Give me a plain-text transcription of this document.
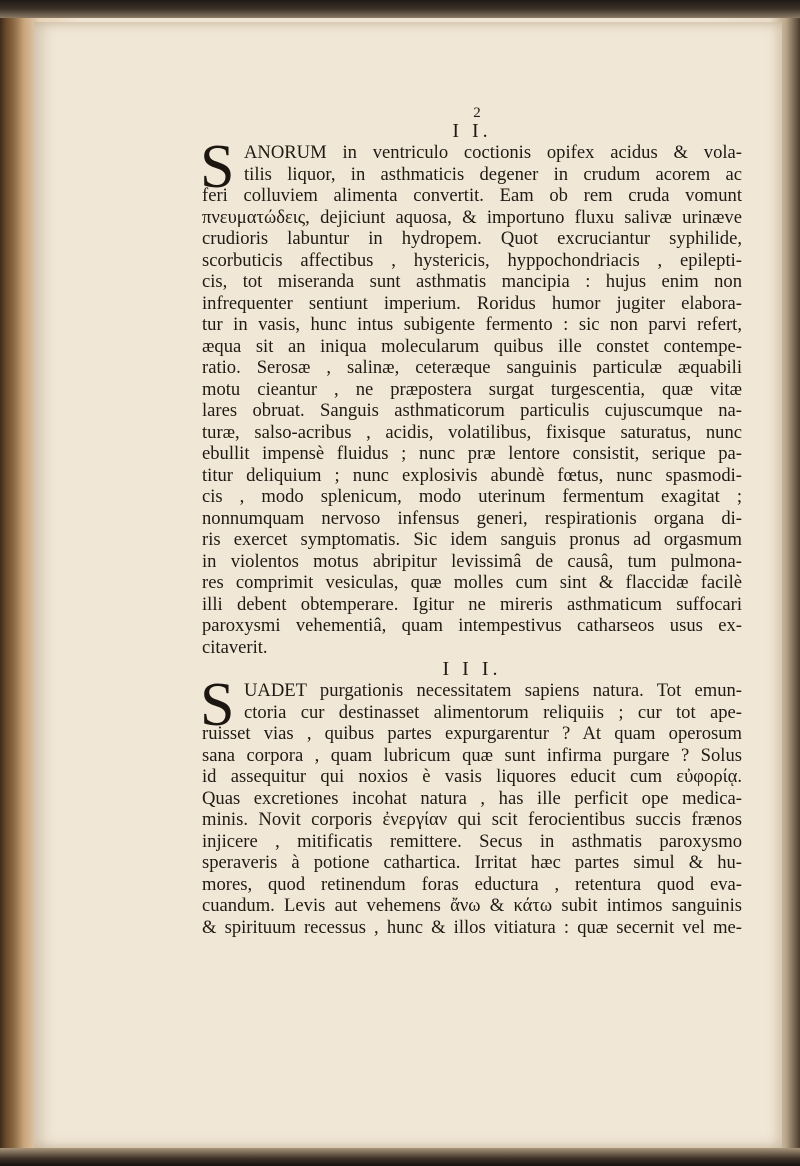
2
I I.
S ANORUM in ventriculo coctionis opifex acidus & vola-
tilis liquor, in asthmaticis degener in crudum acorem ac
feri colluviem alimenta convertit. Eam ob rem cruda vomunt
πνευματώδεις, dejiciunt aquosa, & importuno fluxu salivæ urinæve
crudioris labuntur in hydropem. Quot excruciantur syphilide,
scorbuticis affectibus , hystericis, hyppochondriacis , epilepti-
cis, tot miseranda sunt asthmatis mancipia : hujus enim non
infrequenter sentiunt imperium. Roridus humor jugiter elabora-
tur in vasis, hunc intus subigente fermento : sic non parvi refert,
æqua sit an iniqua molecularum quibus ille constet contempe-
ratio. Serosæ , salinæ, ceteræque sanguinis particulæ æquabili
motu cieantur , ne præpostera surgat turgescentia, quæ vitæ
lares obruat. Sanguis asthmaticorum particulis cujuscumque na-
turæ, salso-acribus , acidis, volatilibus, fixisque saturatus, nunc
ebullit impensè fluidus ; nunc præ lentore consistit, serique pa-
titur deliquium ; nunc explosivis abundè fœtus, nunc spasmodi-
cis , modo splenicum, modo uterinum fermentum exagitat ;
nonnumquam nervoso infensus generi, respirationis organa di-
ris exercet symptomatis. Sic idem sanguis pronus ad orgasmum
in violentos motus abripitur levissimâ de causâ, tum pulmona-
res comprimit vesiculas, quæ molles cum sint & flaccidæ facilè
illi debent obtemperare. Igitur ne mireris asthmaticum suffocari
paroxysmi vehementiâ, quam intempestivus catharseos usus ex-
citaverit.
I I I.
S UADET purgationis necessitatem sapiens natura. Tot emun-
ctoria cur destinasset alimentorum reliquiis ; cur tot ape-
ruisset vias , quibus partes expurgarentur ? At quam operosum
sana corpora , quam lubricum quæ sunt infirma purgare ? Solus
id assequitur qui noxios è vasis liquores educit cum εὐφορίᾳ.
Quas excretiones incohat natura , has ille perficit ope medica-
minis. Novit corporis ἐνεργίαν qui scit ferocientibus succis frænos
injicere , mitificatis remittere. Secus in asthmatis paroxysmo
speraveris à potione cathartica. Irritat hæc partes simul & hu-
mores, quod retinendum foras eductura , retentura quod eva-
cuandum. Levis aut vehemens ἄνω & κάτω subit intimos sanguinis
& spirituum recessus , hunc & illos vitiatura : quæ secernit vel me-
